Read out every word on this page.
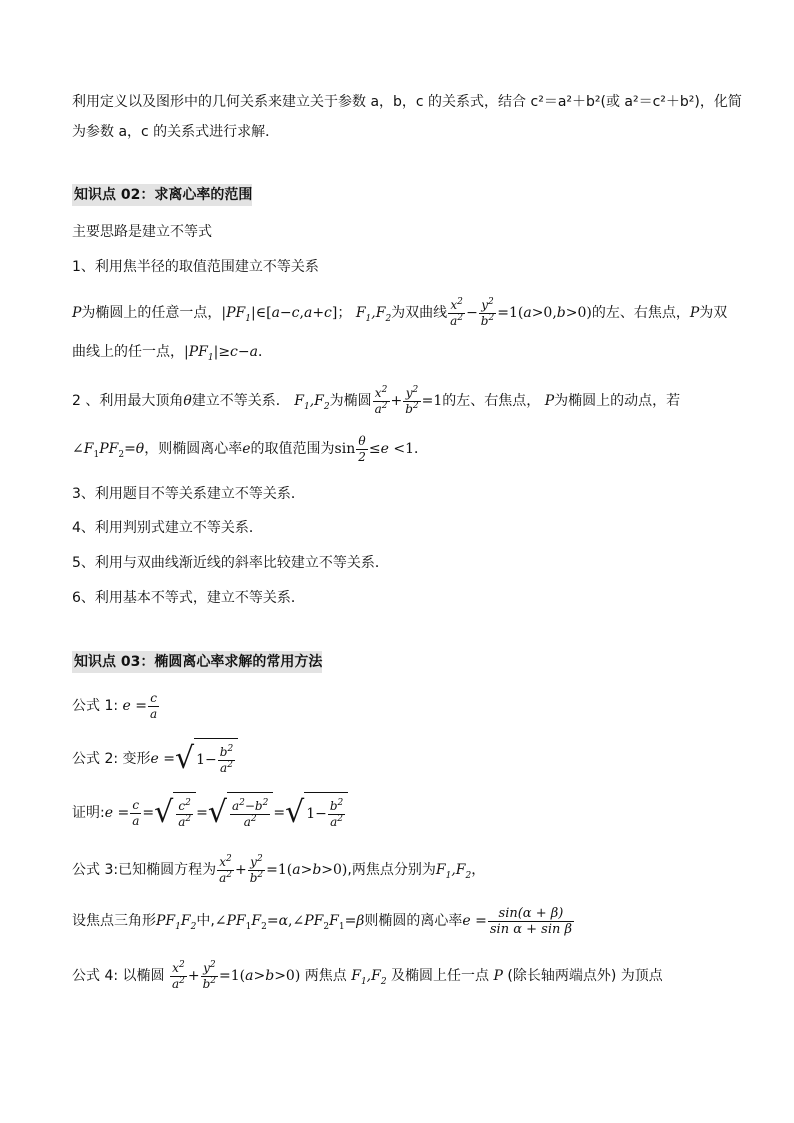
利用定义以及图形中的几何关系来建立关于参数 a，b，c 的关系式，结合 c²＝a²＋b²(或 a²＝c²＋b²)，化简
为参数 a，c 的关系式进行求解．
知识点 02：求离心率的范围
主要思路是建立不等式
1、利用焦半径的取值范围建立不等关系
P为椭圆上的任意一点，$|PF_1|\in[a-c,a+c]$； $F_1,F_2$为双曲线 $\frac{x^2}{a^2} - \frac{y^2}{b^2} =1(a>0,b>0)$的左、右焦点，P为双
曲线上的任一点，$|PF_1|\ge c-a$．
2 、利用最大顶角θ建立不等关系． $F_1,F_2$为椭圆 $\frac{x^2}{a^2} + \frac{y^2}{b^2} =1$的左、右焦点， P为椭圆上的动点，若
$\angle F_1PF_2=\theta$，则椭圆离心率e的取值范围为$\sin \frac{\theta}{2} \le e <1$．
3、利用题目不等关系建立不等关系．
4、利用判别式建立不等关系．
5、利用与双曲线渐近线的斜率比较建立不等关系．
6、利用基本不等式，建立不等关系．
知识点 03：椭圆离心率求解的常用方法
公式 1: $e = \frac{c}{a}$
公式 2: 变形e =√ $1- \frac{b^2}{a^2}$
证明:e = $\frac{c}{a}$ =√ $\frac{c^2}{a^2}$ =√ $\frac{a^2-b^2}{a^2}$ =√ $1- \frac{b^2}{a^2}$
公式 3:已知椭圆方程为 $\frac{x^2}{a^2} + \frac{y^2}{b^2} =1(a>b>0)$,两焦点分别为$F_1,F_2$，
设焦点三角形$PF_1F_2$中$,\angle PF_1F_2=\alpha,\angle PF_2F_1=\beta$则椭圆的离心率$e = \frac{\sin(\alpha + \beta)}{\text{sin α + sin β}}$
公式 4: 以椭圆 $\frac{x^2}{a^2} + \frac{y^2}{b^2} =1(a>b>0)$ 两焦点 $F_1,F_2$ 及椭圆上任一点 P (除长轴两端点外) 为顶点
